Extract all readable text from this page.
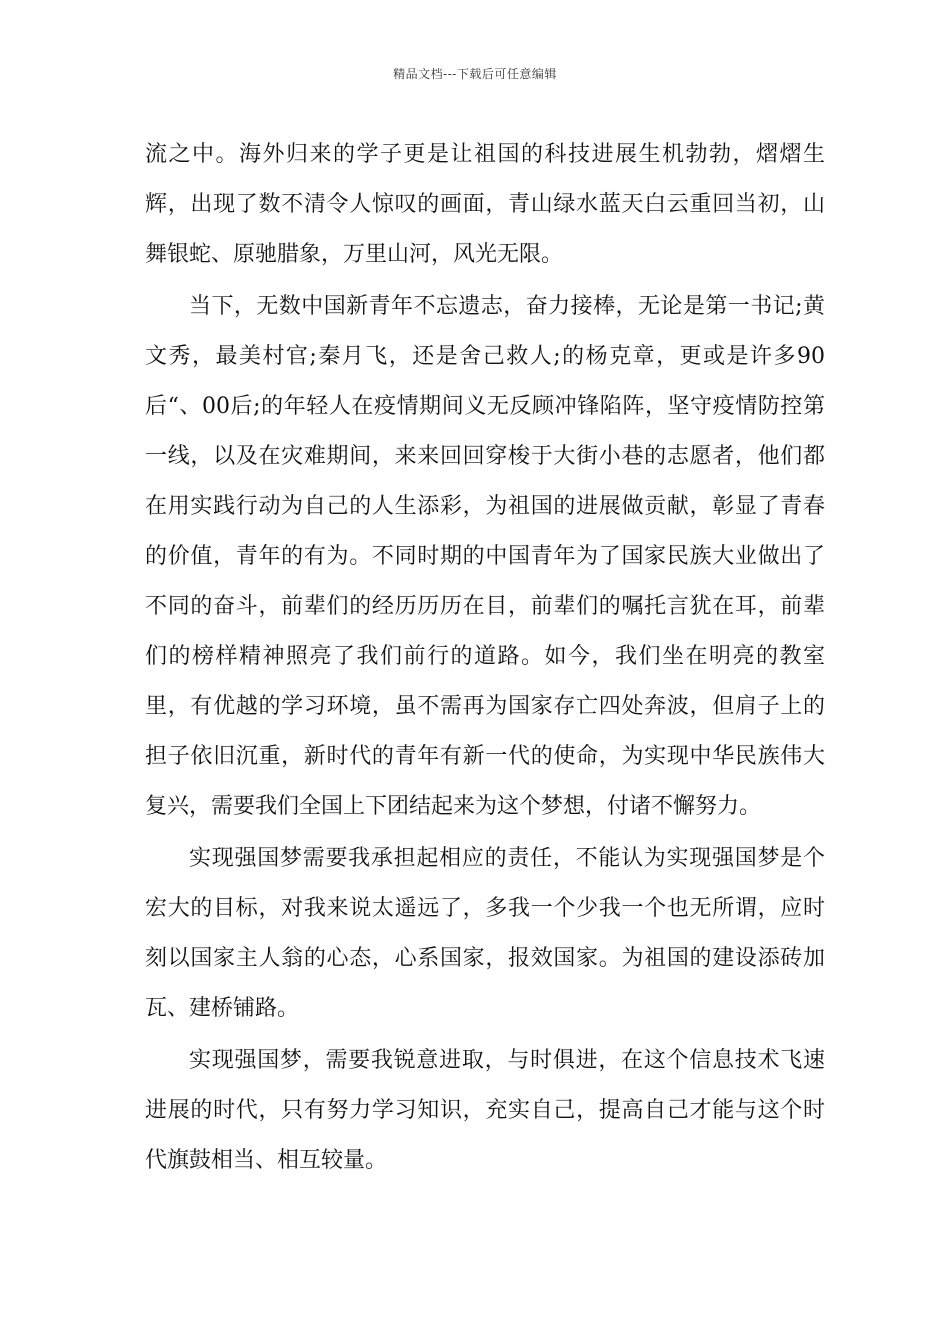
精品文档---下载后可任意编辑

流之中。海外归来的学子更是让祖国的科技进展生机勃勃，熠熠生辉，出现了数不清令人惊叹的画面，青山绿水蓝天白云重回当初，山舞银蛇、原驰腊象，万里山河，风光无限。

当下，无数中国新青年不忘遗志，奋力接棒，无论是第一书记;黄文秀，最美村官;秦月飞，还是舍己救人;的杨克章，更或是许多90后“、00后;的年轻人在疫情期间义无反顾冲锋陷阵，坚守疫情防控第一线，以及在灾难期间，来来回回穿梭于大街小巷的志愿者，他们都在用实践行动为自己的人生添彩，为祖国的进展做贡献，彰显了青春的价值，青年的有为。不同时期的中国青年为了国家民族大业做出了不同的奋斗，前辈们的经历历历在目，前辈们的嘱托言犹在耳，前辈们的榜样精神照亮了我们前行的道路。如今，我们坐在明亮的教室里，有优越的学习环境，虽不需再为国家存亡四处奔波，但肩子上的担子依旧沉重，新时代的青年有新一代的使命，为实现中华民族伟大复兴，需要我们全国上下团结起来为这个梦想，付诸不懈努力。

实现强国梦需要我承担起相应的责任，不能认为实现强国梦是个宏大的目标，对我来说太遥远了，多我一个少我一个也无所谓，应时刻以国家主人翁的心态，心系国家，报效国家。为祖国的建设添砖加瓦、建桥铺路。

实现强国梦，需要我锐意进取，与时俱进，在这个信息技术飞速进展的时代，只有努力学习知识，充实自己，提高自己才能与这个时代旗鼓相当、相互较量。
